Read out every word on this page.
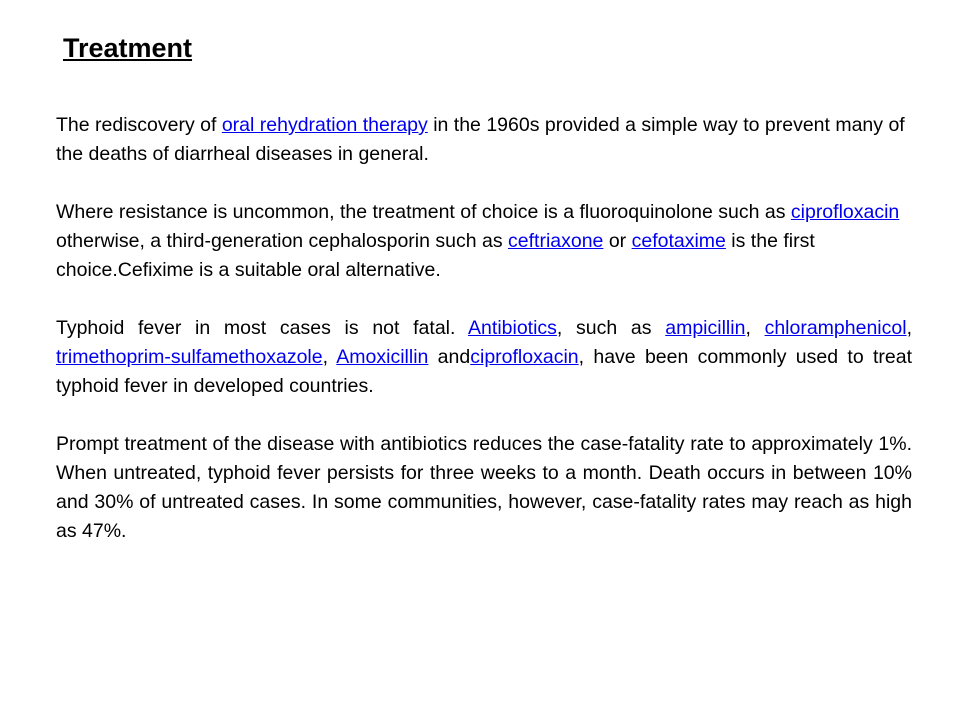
Treatment

The rediscovery of oral rehydration therapy in the 1960s provided a simple way to prevent many of the deaths of diarrheal diseases in general.

Where resistance is uncommon, the treatment of choice is a fluoroquinolone such as ciprofloxacin otherwise, a third-generation cephalosporin such as ceftriaxone or cefotaxime is the first choice.Cefixime is a suitable oral alternative.

Typhoid fever in most cases is not fatal. Antibiotics, such as ampicillin, chloramphenicol, trimethoprim-sulfamethoxazole, Amoxicillin andciprofloxacin, have been commonly used to treat typhoid fever in developed countries.

Prompt treatment of the disease with antibiotics reduces the case-fatality rate to approximately 1%. When untreated, typhoid fever persists for three weeks to a month. Death occurs in between 10% and 30% of untreated cases. In some communities, however, case-fatality rates may reach as high as 47%.
